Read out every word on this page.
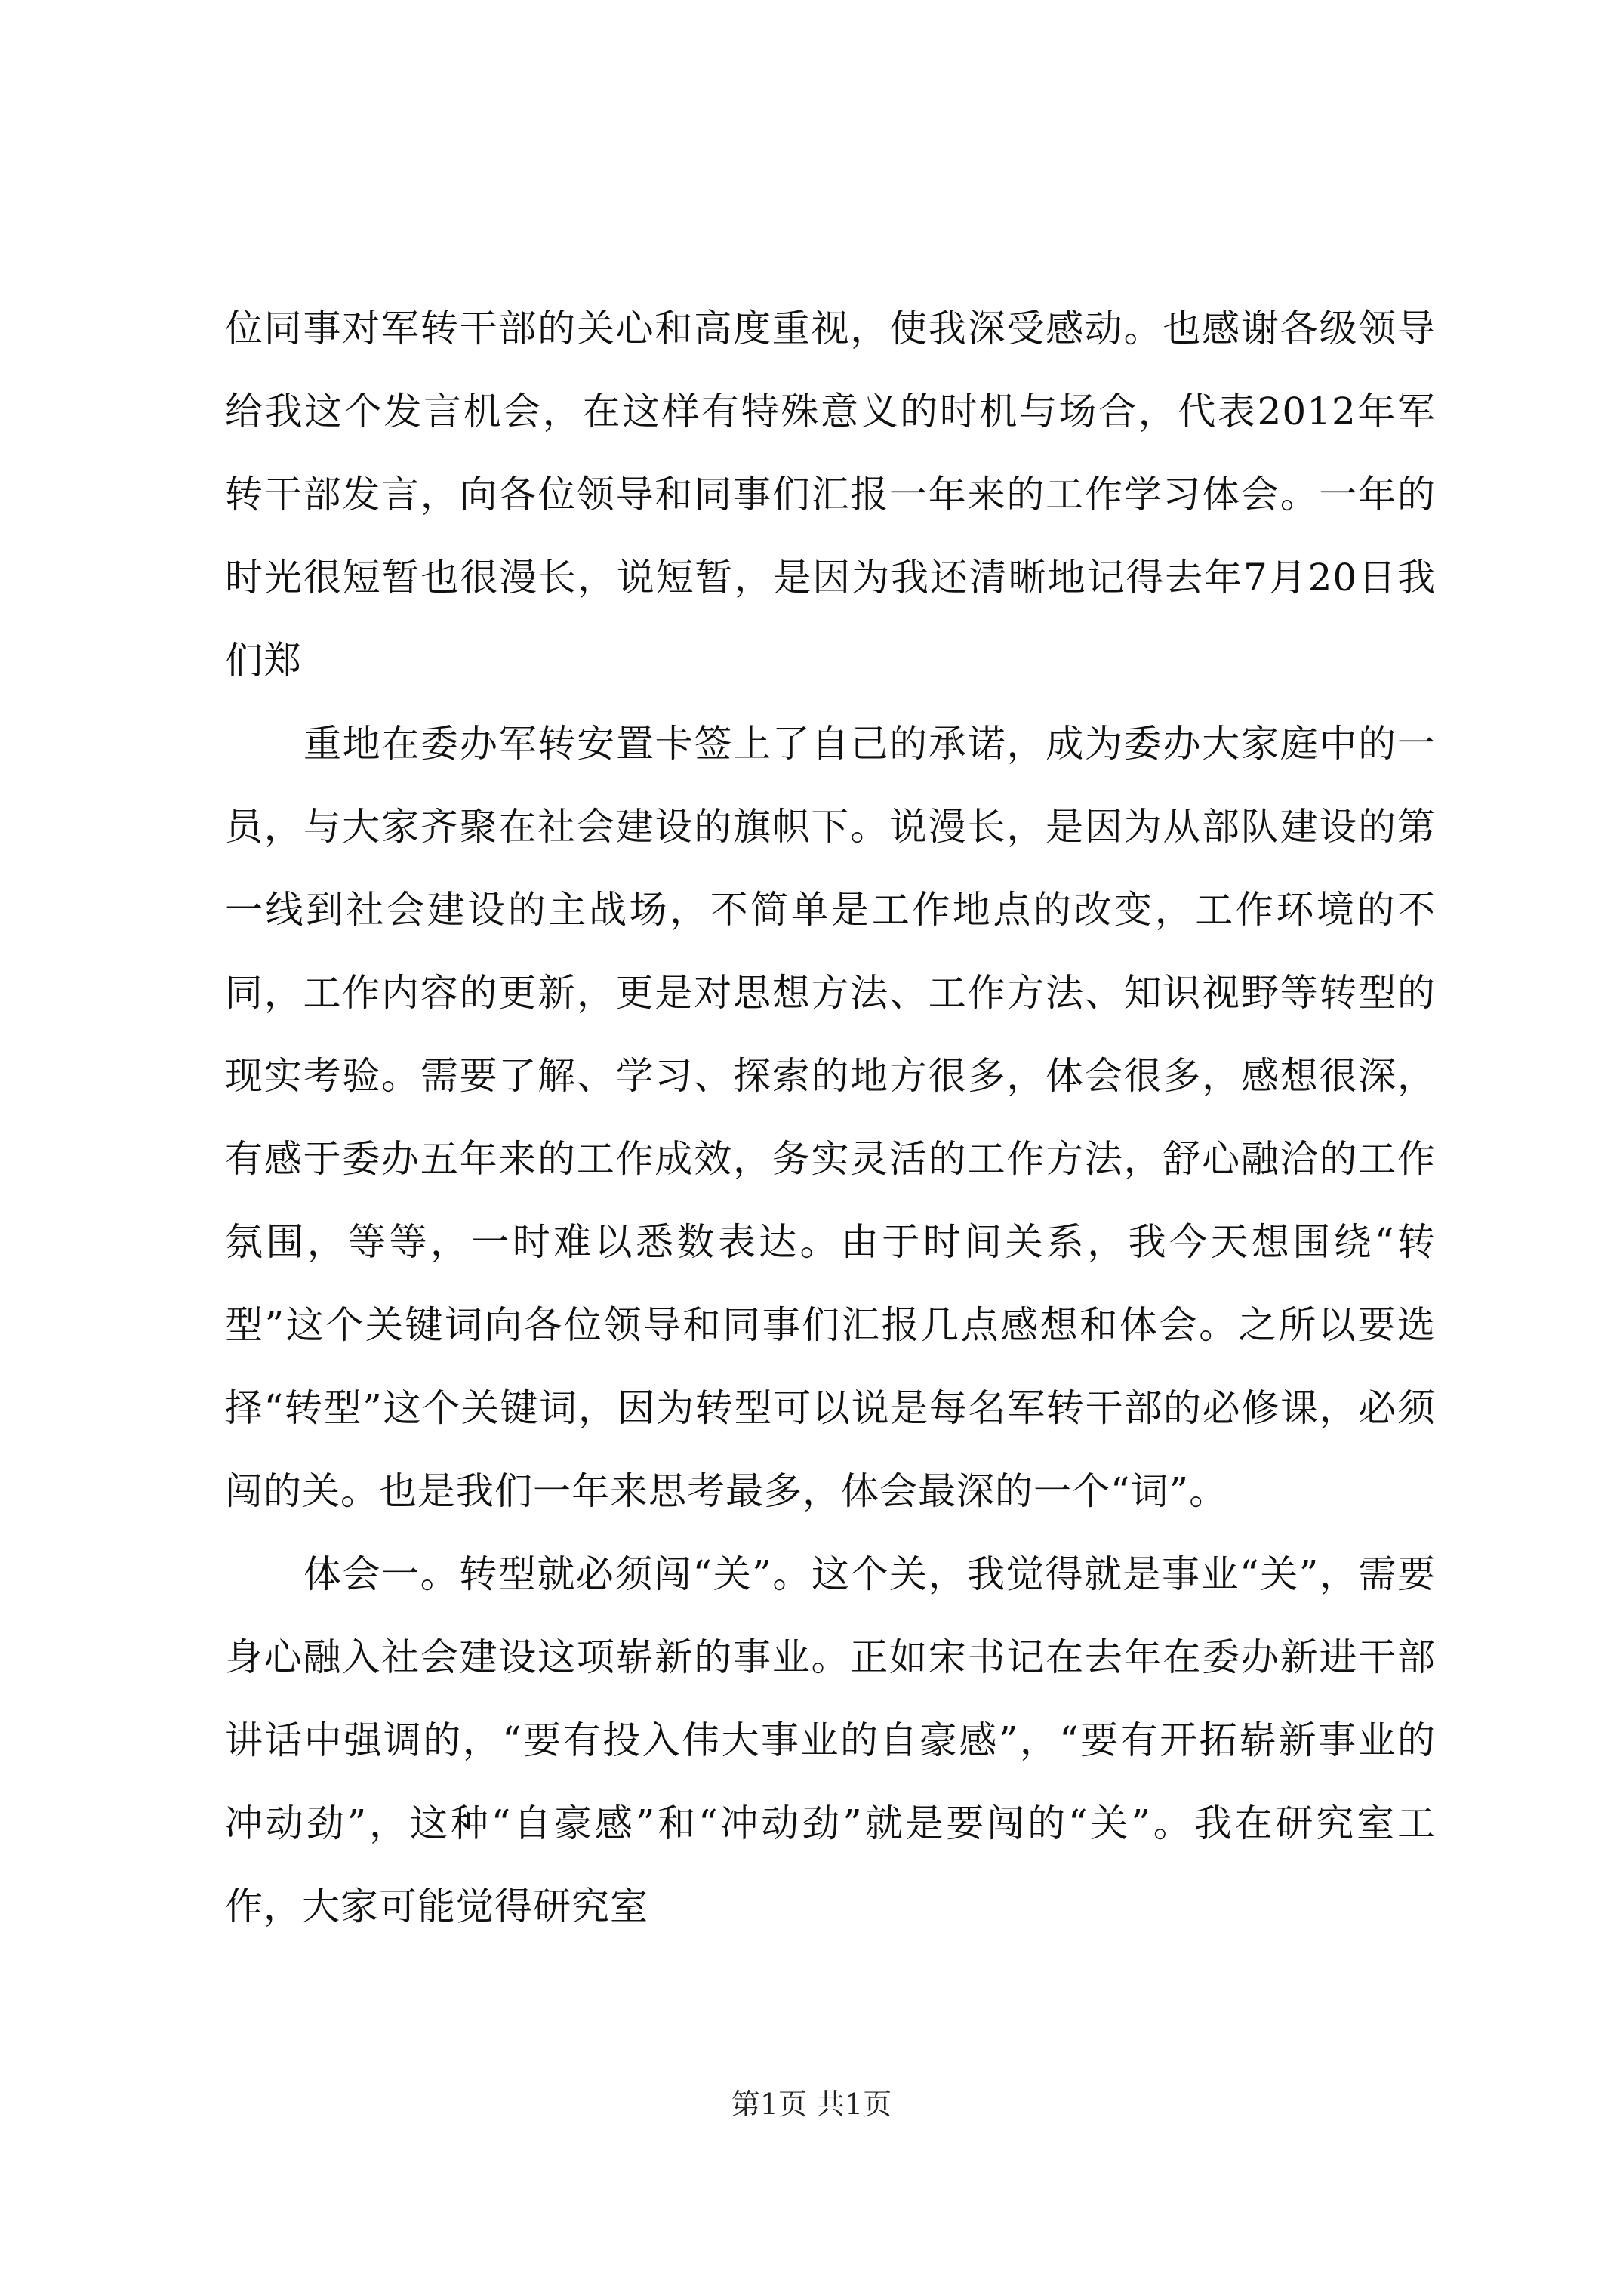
位同事对军转干部的关心和高度重视，使我深受感动。也感谢各级领导给我这个发言机会，在这样有特殊意义的时机与场合，代表2012年军转干部发言，向各位领导和同事们汇报一年来的工作学习体会。一年的时光很短暂也很漫长，说短暂，是因为我还清晰地记得去年7月20日我们郑

重地在委办军转安置卡签上了自己的承诺，成为委办大家庭中的一员，与大家齐聚在社会建设的旗帜下。说漫长，是因为从部队建设的第一线到社会建设的主战场，不简单是工作地点的改变，工作环境的不同，工作内容的更新，更是对思想方法、工作方法、知识视野等转型的现实考验。需要了解、学习、探索的地方很多，体会很多，感想很深，有感于委办五年来的工作成效，务实灵活的工作方法，舒心融洽的工作氛围，等等，一时难以悉数表达。由于时间关系，我今天想围绕“转型”这个关键词向各位领导和同事们汇报几点感想和体会。之所以要选择“转型”这个关键词，因为转型可以说是每名军转干部的必修课，必须闯的关。也是我们一年来思考最多，体会最深的一个“词”。

体会一。转型就必须闯“关”。这个关，我觉得就是事业“关”，需要身心融入社会建设这项崭新的事业。正如宋书记在去年在委办新进干部讲话中强调的，“要有投入伟大事业的自豪感”，“要有开拓崭新事业的冲动劲”，这种“自豪感”和“冲动劲”就是要闯的“关”。我在研究室工作，大家可能觉得研究室

第1页 共1页
